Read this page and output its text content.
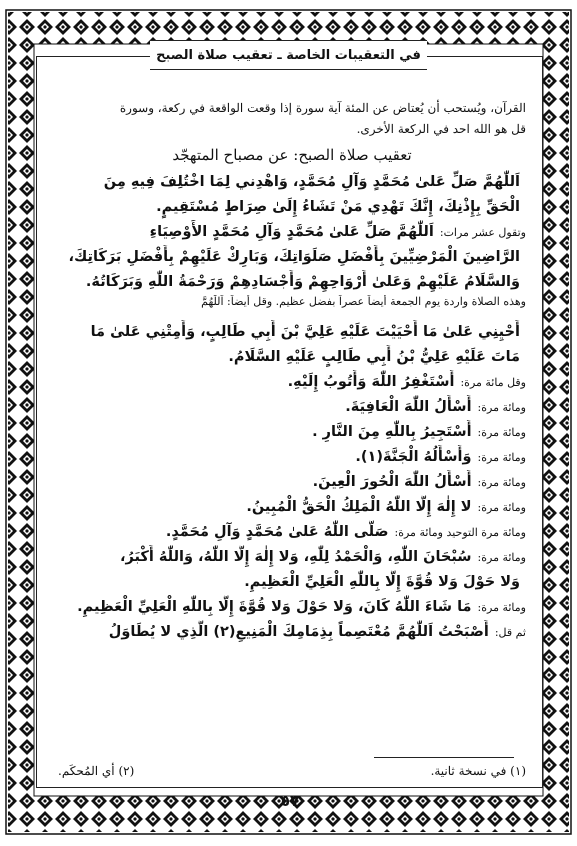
في التعقيبات الخاصة ـ تعقيب صلاة الصبح
القرآن، ويُستحب أن يُعتاض عن المئة آية سورة إذا وقعت الواقعة في ركعة، وسورة
قل هو الله احد في الركعة الأخرى.
تعقيب صلاة الصبح: عن مصباح المتهجّد
اَللّٰهُمَّ صَلِّ عَلىٰ مُحَمَّدٍ وَآلِ مُحَمَّدٍ، وَاهْدِني لِمَا اخْتُلِفَ فِيهِ مِنَ
الْحَقِّ بِإِذْنِكَ، إِنَّكَ تَهْدِي مَنْ تَشَاءُ إِلَىٰ صِرَاطٍ مُسْتَقِيمٍ.
وتقول عشر مرات:
اَللّٰهُمَّ صَلِّ عَلىٰ مُحَمَّدٍ وَآلِ مُحَمَّدٍ الأَوْصِيَاءِ
الرَّاضِينَ الْمَرْضِيِّينَ بِأَفْضَلِ صَلَوَاتِكَ، وَبَارِكْ عَلَيْهِمْ بِأَفْضَلِ بَرَكَاتِكَ،
وَالسَّلَامُ عَلَيْهِمْ وَعَلىٰ أَرْوَاحِهِمْ وَأَجْسَادِهِمْ وَرَحْمَةُ اللّٰهِ وَبَرَكَاتُهُ.
وهذه الصلاة واردة يوم الجمعة أيضاً عصراً بفضل عظيم. وقل أيضاً: اَللّٰهُمَّ
أَحْيِنِي عَلىٰ مَا أَحْيَيْتَ عَلَيْهِ عَلِيَّ بْنَ أَبِي طَالِبٍ، وَأَمِتْنِي عَلىٰ مَا
مَاتَ عَلَيْهِ عَلِيُّ بْنُ أَبِي طَالِبٍ عَلَيْهِ السَّلَامُ.
وقل مائة مرة:
أَسْتَغْفِرُ اللّٰهَ وَأَتُوبُ إِلَيْهِ.
ومائة مرة:
أَسْأَلُ اللّٰهَ الْعَافِيَةَ.
ومائة مرة:
أَسْتَجِيرُ بِاللّٰهِ مِنَ النَّارِ .
ومائة مرة:
وَأَسْأَلُهُ الْجَنَّةَ(١).
ومائة مرة:
أَسْأَلُ اللّٰهَ الْحُورَ الْعِينَ.
ومائة مرة:
لا إِلٰهَ إِلَّا اللّٰهُ الْمَلِكُ الْحَقُّ الْمُبِينُ.
ومائة مرة التوحيد ومائة مرة:
صَلَّى اللّٰهُ عَلىٰ مُحَمَّدٍ وَآلِ مُحَمَّدٍ.
ومائة مرة:
سُبْحَانَ اللّٰهِ، وَالْحَمْدُ لِلّٰهِ، وَلا إِلٰهَ إِلَّا اللّٰهُ، وَاللّٰهُ أَكْبَرُ،
وَلا حَوْلَ وَلا قُوَّةَ إِلَّا بِاللّٰهِ الْعَلِيِّ الْعَظِيمِ.
ومائة مرة:
مَا شَاءَ اللّٰهُ كَانَ، وَلا حَوْلَ وَلا قُوَّةَ إِلَّا بِاللّٰهِ الْعَلِيِّ الْعَظِيمِ.
ثم قل:
أَصْبَحْتُ اَللّٰهُمَّ مُعْتَصِماً بِذِمَامِكَ الْمَنِيعِ(٢) الَّذِي لا يُطَاوَلُ
(١) في نسخة ثانية.
(٢) أي المُحكَم.
٥٧
